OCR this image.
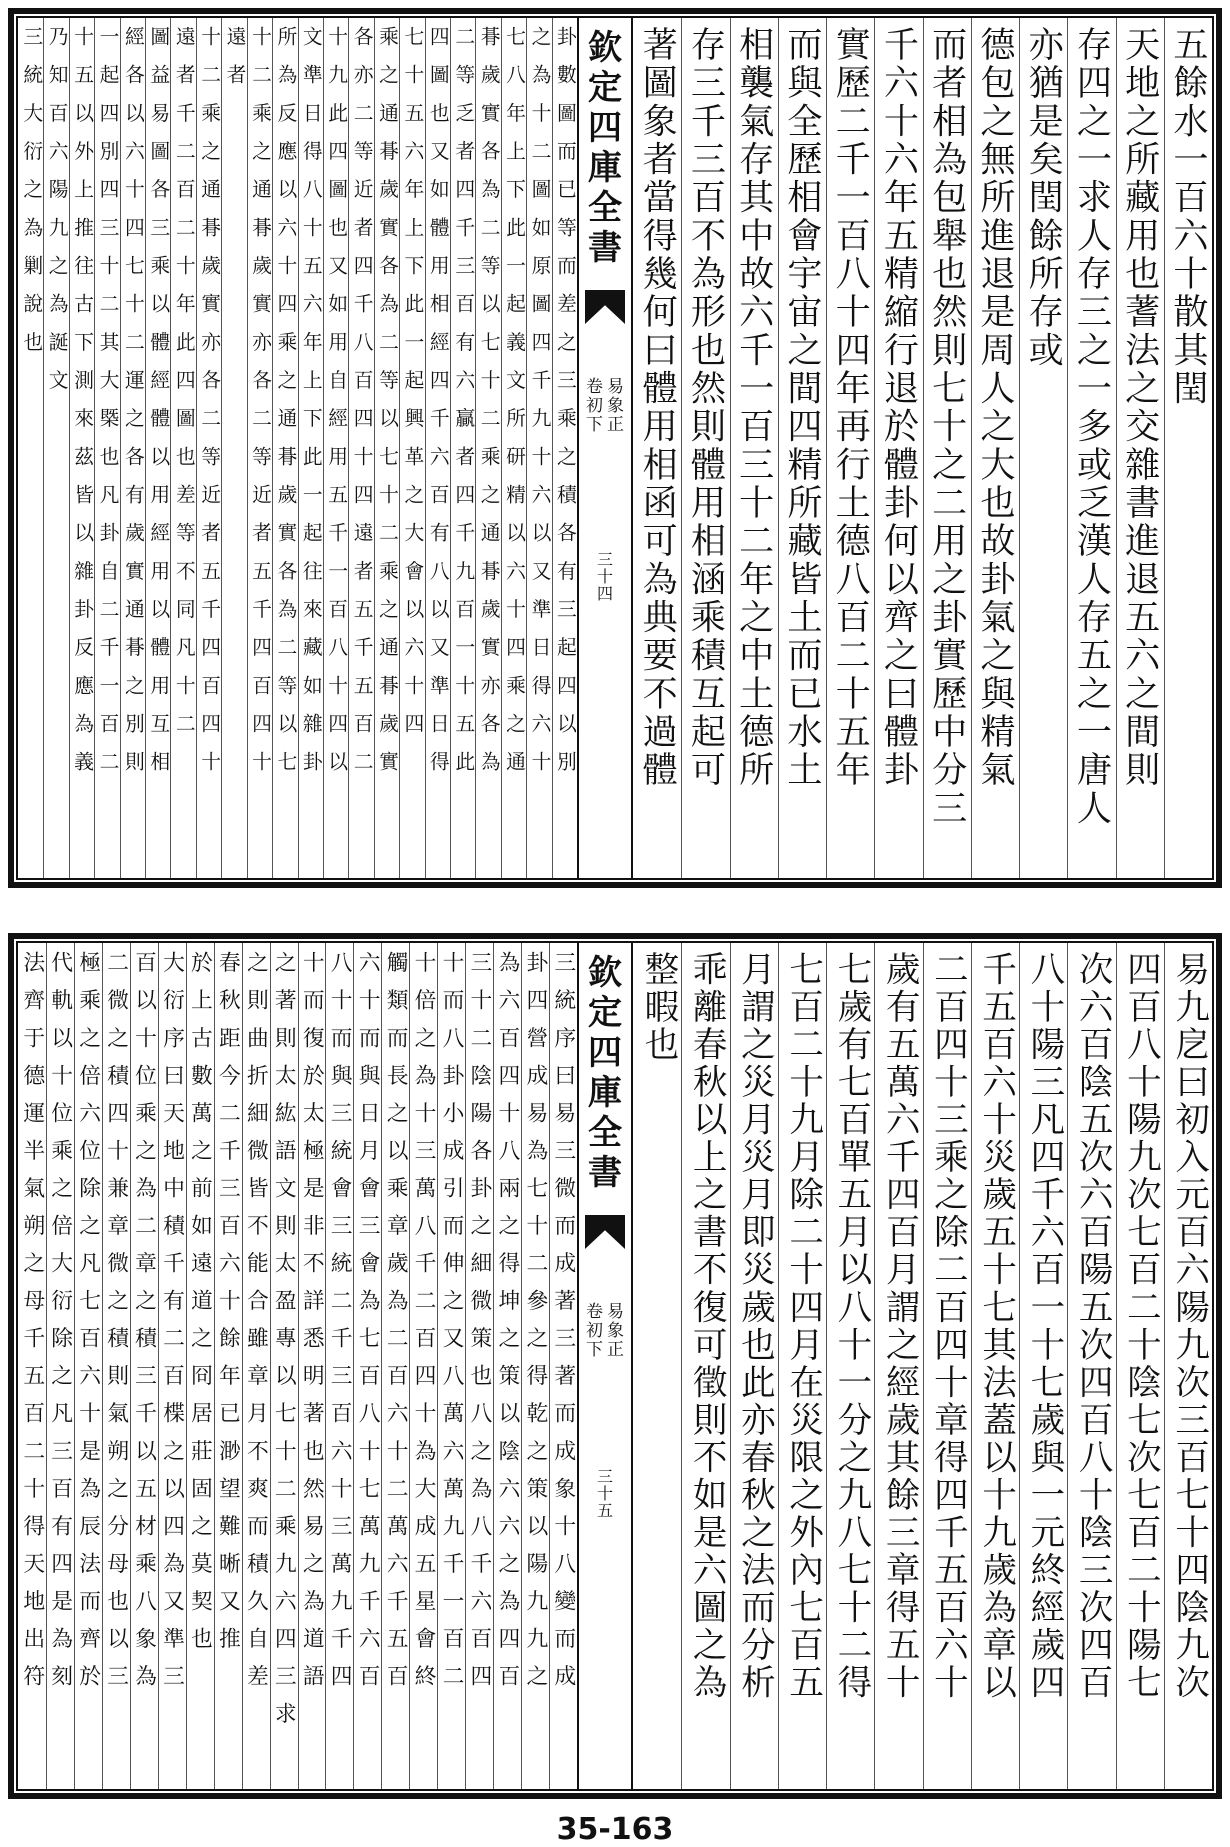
五餘水一百六十散其閏
天地之所藏用也蓍法之交雜書進退五六之間則
存四之一求人存三之一多或乏漢人存五之一唐人
亦猶是矣閏餘所存或
德包之無所進退是周人之大也故卦氣之與精氣
而者相為包舉也然則七十之二用之卦實歷中分三
千六十六年五精縮行退於體卦何以齊之曰體卦
實歷二千一百八十四年再行土德八百二十五年
而與全歷相會宇宙之間四精所藏皆土而已水土
相襲氣存其中故六千一百三十二年之中土德所
存三千三百不為形也然則體用相涵乘積互起可
著圖象者當得幾何曰體用相函可為典要不過體
卦數圖而已等而差之三乘之積各有三起四以別
之為十二圖如原圖四千九十六以又準日得六十
七八年上下此一起義文所研精以六十四乘之通
朞歲實各為二等以七十二乘之通朞歲實亦各為
二等乏者四千三百有六贏者四千九百一十五此
四圖也又如體用相經四千六百有八以又準日得
七十五六年上下此一起興革之大會以六十四
乘之通朞歲實各為二等以七十二乘之通朞歲實
各亦二等近者四千八百四十四遠者五千五百二
十九此四圖也又如用自經用五千一百八十四以
文準日得八十五六年上下此一起往來藏如雜卦
所為反應以六十四乘之通朞歲實各為二等以七
十二乘之通朞歲實亦各二等近者五千四百四十
遠者
十二乘之通朞歲實亦各二等近者五千四百四十
遠者千二百二十年此四圖也差等不同凡十二
圖益易圖各三乘以體經體以用經用以體用互相
經各以六十四七十二運之各有歲實通朞之別則
一起四別四三十二其大槩也凡卦自二千一百二
十五以外上推往古下測來茲皆以雜卦反應為義
乃知百六陽九之為誕文
三統大衍之為剿說也	欽
定
四
庫
全
書
卷
初
下
易
象
正
三
十
四
易九戹曰初入元百六陽九次三百七十四陰九次
四百八十陽九次七百二十陰七次七百二十陽七
次六百陰五次六百陽五次四百八十陰三次四百
八十陽三凡四千六百一十七歲與一元終經歲四
千五百六十災歲五十七其法蓋以十九歲為章以
二百四十三乘之除二百四十章得四千五百六十
歲有五萬六千四百月謂之經歲其餘三章得五十
七歲有七百單五月以八十一分之九八七十二得
七百二十九月除二十四月在災限之外內七百五
月謂之災月災月即災歲也此亦春秋之法而分析
乖離春秋以上之書不復可徵則不如是六圖之為
整暇也
三統序曰易三微而成著三著而成象十八變而成
卦四營成易為七十二參之得乾之策以陽九九之
為六百四十八兩之得坤之策以陰六六之為四百
三十二陰陽各卦之細微策也八之為八千六百四
十而八卦小成引而伸之又八萬六萬九千一百二
十倍之為十三萬八千二百四十為大成五星會終
觸類而長之以乘章歲為二百六十二萬六千五百
六十而與日月會三會為七百八十七萬九千六百
八十而與三統會三統二千三百六十三萬九千四
十而復於太極是非不詳悉明著也然易之為道語
之著則太紘語文則太盈專以七十二乘九六四三求
之則曲折細微皆不能合雖章月不爽而積久自差
春秋距今二千三百六十餘年已渺望難晰又推
於上古數萬之前如遠道之冏居莊固之莫契也
大衍序曰天地中積千有二百楪之以四為又準三
百以十位乘之為二章之積三千以五材乘八象為
二微之積四十兼章微之積則氣朔之分母也以三
極乘之倍六位除之凡七百六十是為辰法而齊於
代軌以十位乘之倍大衍除之凡三百有四是為刻
法齊于德運半氣朔之母千五百二十得天地出符	欽
定
四
庫
全
書
卷
初
下
易
象
正
三
十
五
35-163
